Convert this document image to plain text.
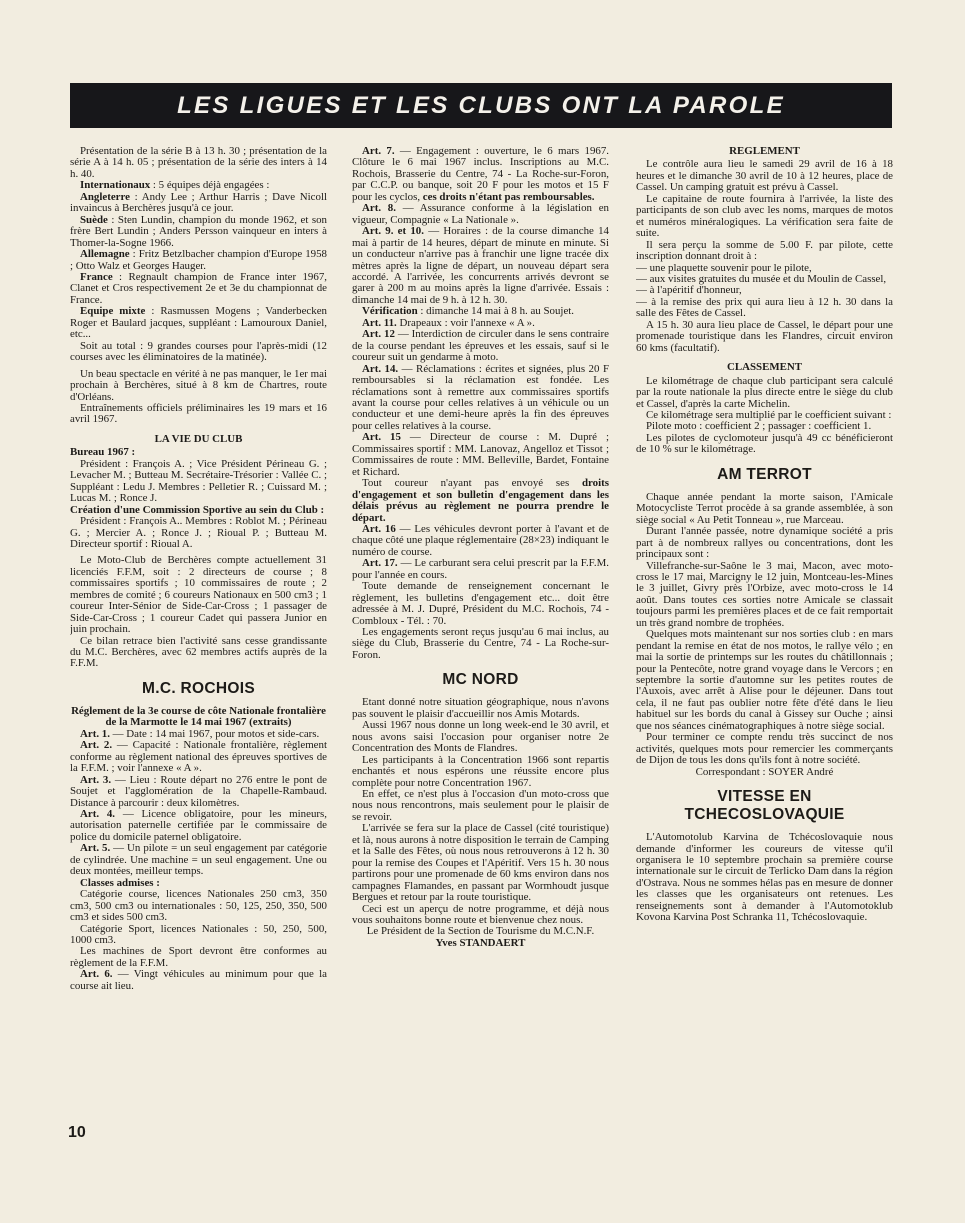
LES LIGUES ET LES CLUBS ONT LA PAROLE

Présentation de la série B à 13 h. 30 ; présentation de la série A à 14 h. 05 ; présentation de la série des inters à 14 h. 40.

Internationaux : 5 équipes déjà engagées :

Angleterre : Andy Lee ; Arthur Harris ; Dave Nicoll invaincus à Berchères jusqu'à ce jour.

Suède : Sten Lundin, champion du monde 1962, et son frère Bert Lundin ; Anders Persson vainqueur en inters à Thomer-la-Sogne 1966.

Allemagne : Fritz Betzlbacher champion d'Europe 1958 ; Otto Walz et Georges Hauger.

France : Regnault champion de France inter 1967, Clanet et Cros respectivement 2e et 3e du championnat de France.

Equipe mixte : Rasmussen Mogens ; Vanderbecken Roger et Baulard jacques, suppléant : Lamouroux Daniel, etc...

Soit au total : 9 grandes courses pour l'après-midi (12 courses avec les éliminatoires de la matinée).

Un beau spectacle en vérité à ne pas manquer, le 1er mai prochain à Berchères, situé à 8 km de Chartres, route d'Orléans.

Entraînements officiels préliminaires les 19 mars et 16 avril 1967.

LA VIE DU CLUB

Bureau 1967 :

Président : François A. ; Vice Président Périneau G. ; Levacher M. ; Butteau M. Secrétaire-Trésorier : Vallée C. ; Suppléant : Ledu J. Membres : Pelletier R. ; Cuissard M. ; Lucas M. ; Ronce J.

Création d'une Commission Sportive au sein du Club :

Président : François A.. Membres : Roblot M. ; Périneau G. ; Mercier A. ; Ronce J. ; Rioual P. ; Butteau M. Directeur sportif : Rioual A.

Le Moto-Club de Berchères compte actuellement 31 licenciés F.F.M, soit : 2 directeurs de course ; 8 commissaires sportifs ; 10 commissaires de route ; 2 membres de comité ; 6 coureurs Nationaux en 500 cm3 ; 1 coureur Inter-Sénior de Side-Car-Cross ; 1 passager de Side-Car-Cross ; 1 coureur Cadet qui passera Junior en juin prochain.

Ce bilan retrace bien l'activité sans cesse grandissante du M.C. Berchères, avec 62 membres actifs auprès de la F.F.M.

M.C. ROCHOIS

Réglement de la 3e course de côte Nationale frontalière de la Marmotte le 14 mai 1967 (extraits)

Art. 1. — Date : 14 mai 1967, pour motos et side-cars.

Art. 2. — Capacité : Nationale frontalière, règlement conforme au règlement national des épreuves sportives de la F.F.M. ; voir l'annexe « A ».

Art. 3. — Lieu : Route départ no 276 entre le pont de Soujet et l'agglomération de la Chapelle-Rambaud. Distance à parcourir : deux kilomètres.

Art. 4. — Licence obligatoire, pour les mineurs, autorisation paternelle certifiée par le commissaire de police du domicile paternel obligatoire.

Art. 5. — Un pilote = un seul engagement par catégorie de cylindrée. Une machine = un seul engagement. Une ou deux montées, meilleur temps.

Classes admises :

Catégorie course, licences Nationales 250 cm3, 350 cm3, 500 cm3 ou internationales : 50, 125, 250, 350, 500 cm3 et sides 500 cm3.

Catégorie Sport, licences Nationales : 50, 250, 500, 1000 cm3.

Les machines de Sport devront être conformes au règlement de la F.F.M.

Art. 6. — Vingt véhicules au minimum pour que la course ait lieu.

Art. 7. — Engagement : ouverture, le 6 mars 1967. Clôture le 6 mai 1967 inclus. Inscriptions au M.C. Rochois, Brasserie du Centre, 74 - La Roche-sur-Foron, par C.C.P. ou banque, soit 20 F pour les motos et 15 F pour les cyclos, ces droits n'étant pas remboursables.

Art. 8. — Assurance conforme à la législation en vigueur, Compagnie « La Nationale ».

Art. 9. et 10. — Horaires : de la course dimanche 14 mai à partir de 14 heures, départ de minute en minute. Si un conducteur n'arrive pas à franchir une ligne tracée dix mètres après la ligne de départ, un nouveau départ sera accordé. A l'arrivée, les concurrents arrivés devront se garer à 200 m au moins après la ligne d'arrivée. Essais : dimanche 14 mai de 9 h. à 12 h. 30.

Vérification : dimanche 14 mai à 8 h. au Soujet.

Art. 11. Drapeaux : voir l'annexe « A ».

Art. 12 — Interdiction de circuler dans le sens contraire de la course pendant les épreuves et les essais, sauf si le coureur suit un gendarme à moto.

Art. 14. — Réclamations : écrites et signées, plus 20 F remboursables si la réclamation est fondée. Les réclamations sont à remettre aux commissaires sportifs avant la course pour celles relatives à un véhicule ou un conducteur et une demi-heure après la fin des épreuves pour celles relatives à la course.

Art. 15 — Directeur de course : M. Dupré ; Commissaires sportif : MM. Lanovaz, Angelloz et Tissot ; Commissaires de route : MM. Belleville, Bardet, Fontaine et Richard.

Tout coureur n'ayant pas envoyé ses droits d'engagement et son bulletin d'engagement dans les délais prévus au règlement ne pourra prendre le départ.

Art. 16 — Les véhicules devront porter à l'avant et de chaque côté une plaque réglementaire (28×23) indiquant le numéro de course.

Art. 17. — Le carburant sera celui prescrit par la F.F.M. pour l'année en cours.

Toute demande de renseignement concernant le règlement, les bulletins d'engagement etc... doit être adressée à M. J. Dupré, Président du M.C. Rochois, 74 - Combloux - Tél. : 70.

Les engagements seront reçus jusqu'au 6 mai inclus, au siège du Club, Brasserie du Centre, 74 - La Roche-sur-Foron.

MC NORD

Etant donné notre situation géographique, nous n'avons pas souvent le plaisir d'accueillir nos Amis Motards.

Aussi 1967 nous donne un long week-end le 30 avril, et nous avons saisi l'occasion pour organiser notre 2e Concentration des Monts de Flandres.

Les participants à la Concentration 1966 sont repartis enchantés et nous espérons une réussite encore plus complète pour notre Concentration 1967.

En effet, ce n'est plus à l'occasion d'un moto-cross que nous nous rencontrons, mais seulement pour le plaisir de se revoir.

L'arrivée se fera sur la place de Cassel (cité touristique) et là, nous aurons à notre disposition le terrain de Camping et la Salle des Fêtes, où nous nous retrouverons à 12 h. 30 pour la remise des Coupes et l'Apéritif. Vers 15 h. 30 nous partirons pour une promenade de 60 kms environ dans nos campagnes Flamandes, en passant par Wormhoudt jusque Bergues et retour par la route touristique.

Ceci est un aperçu de notre programme, et déjà nous vous souhaitons bonne route et bienvenue chez nous.

Le Président de la Section de Tourisme du M.C.N.F.

Yves STANDAERT

REGLEMENT

Le contrôle aura lieu le samedi 29 avril de 16 à 18 heures et le dimanche 30 avril de 10 à 12 heures, place de Cassel. Un camping gratuit est prévu à Cassel.

Le capitaine de route fournira à l'arrivée, la liste des participants de son club avec les noms, marques de motos et numéros minéralogiques. La vérification sera faite de suite.

Il sera perçu la somme de 5.00 F. par pilote, cette inscription donnant droit à :

— une plaquette souvenir pour le pilote,

— aux visites gratuites du musée et du Moulin de Cassel,

— à l'apéritif d'honneur,

— à la remise des prix qui aura lieu à 12 h. 30 dans la salle des Fêtes de Cassel.

A 15 h. 30 aura lieu place de Cassel, le départ pour une promenade touristique dans les Flandres, circuit environ 60 kms (facultatif).

CLASSEMENT

Le kilométrage de chaque club participant sera calculé par la route nationale la plus directe entre le siège du club et Cassel, d'après la carte Michelin.

Ce kilométrage sera multiplié par le coefficient suivant :

Pilote moto : coefficient 2 ; passager : coefficient 1.

Les pilotes de cyclomoteur jusqu'à 49 cc bénéficieront de 10 % sur le kilométrage.

AM TERROT

Chaque année pendant la morte saison, l'Amicale Motocycliste Terrot procède à sa grande assemblée, à son siège social « Au Petit Tonneau », rue Marceau.

Durant l'année passée, notre dynamique société a pris part à de nombreux rallyes ou concentrations, dont les principaux sont :

Villefranche-sur-Saône le 3 mai, Macon, avec moto-cross le 17 mai, Marcigny le 12 juin, Montceau-les-Mines le 3 juillet, Givry près l'Orbize, avec moto-cross le 14 août. Dans toutes ces sorties notre Amicale se classait toujours parmi les premières places et de ce fait remportait un très grand nombre de trophées.

Quelques mots maintenant sur nos sorties club : en mars pendant la remise en état de nos motos, le rallye vélo ; en mai la sortie de printemps sur les routes du châtillonnais ; pour la Pentecôte, notre grand voyage dans le Vercors ; en septembre la sortie d'automne sur les petites routes de l'Auxois, avec arrêt à Alise pour le déjeuner. Dans tout cela, il ne faut pas oublier notre fête d'été dans le lieu habituel sur les bords du canal à Gissey sur Ouche ; ainsi que nos séances cinématographiques à notre siège social.

Pour terminer ce compte rendu très succinct de nos activités, quelques mots pour remercier les commerçants de Dijon de tous les dons qu'ils font à notre société.

Correspondant : SOYER André

VITESSE EN TCHECOSLOVAQUIE

L'Automotolub Karvina de Tchécoslovaquie nous demande d'informer les coureurs de vitesse qu'il organisera le 10 septembre prochain sa première course internationale sur le circuit de Terlicko Dam dans la région d'Ostrava. Nous ne sommes hélas pas en mesure de donner les classes que les organisateurs ont retenues. Les renseignements sont à demander à l'Automotoklub Kovona Karvina Post Schranka 11, Tchécoslovaquie.

10
